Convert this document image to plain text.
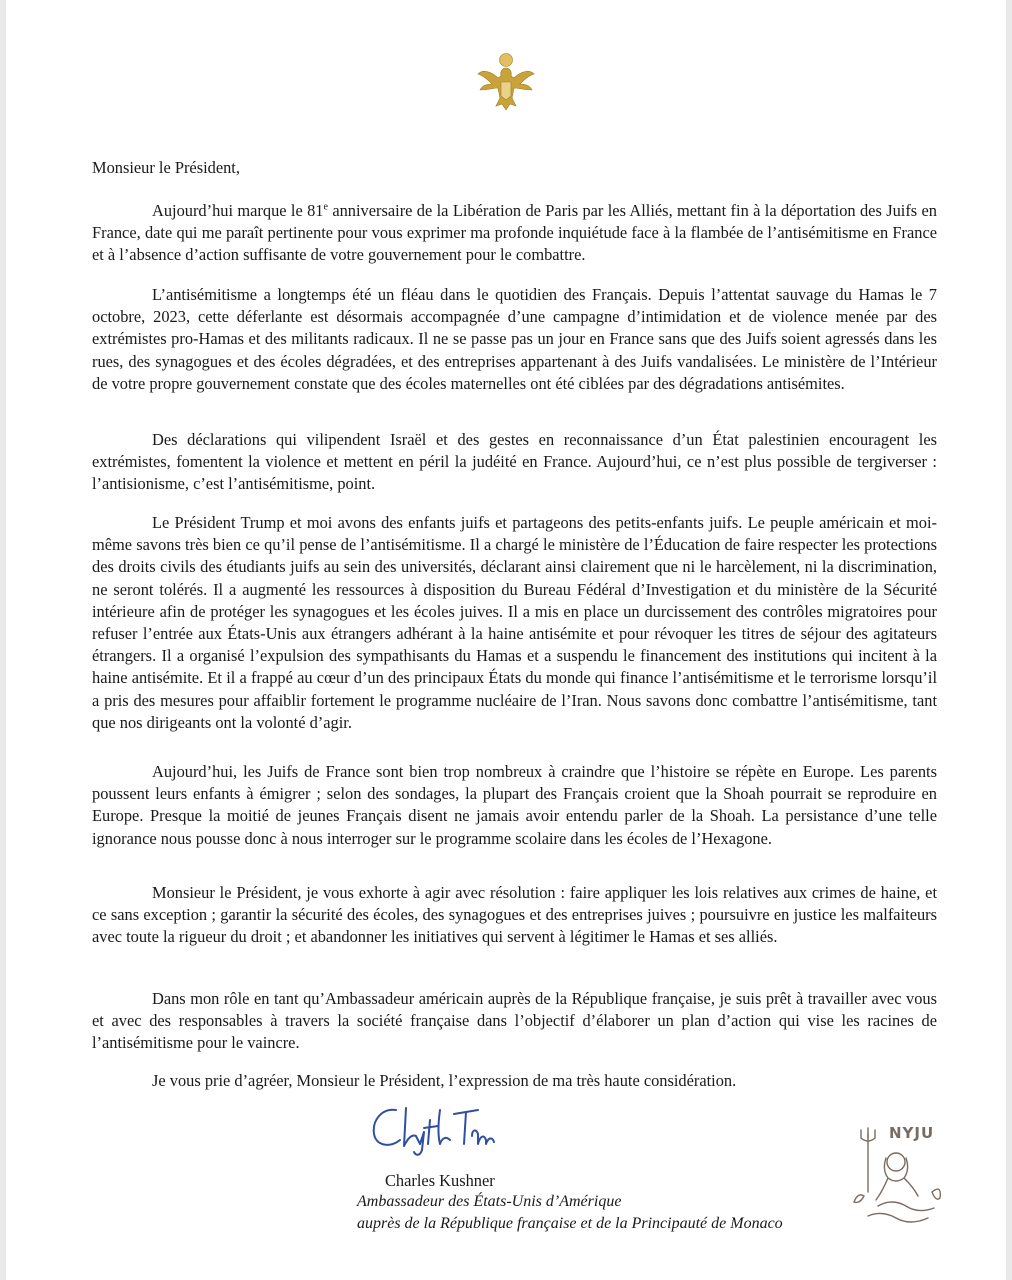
Monsieur le Président,

Aujourd’hui marque le 81e anniversaire de la Libération de Paris par les Alliés, mettant fin à la déportation des Juifs en France, date qui me paraît pertinente pour vous exprimer ma profonde inquiétude face à la flambée de l’antisémitisme en France et à l’absence d’action suffisante de votre gouvernement pour le combattre.

L’antisémitisme a longtemps été un fléau dans le quotidien des Français. Depuis l’attentat sauvage du Hamas le 7 octobre, 2023, cette déferlante est désormais accompagnée d’une campagne d’intimidation et de violence menée par des extrémistes pro-Hamas et des militants radicaux. Il ne se passe pas un jour en France sans que des Juifs soient agressés dans les rues, des synagogues et des écoles dégradées, et des entreprises appartenant à des Juifs vandalisées. Le ministère de l’Intérieur de votre propre gouvernement constate que des écoles maternelles ont été ciblées par des dégradations antisémites.

Des déclarations qui vilipendent Israël et des gestes en reconnaissance d’un État palestinien encouragent les extrémistes, fomentent la violence et mettent en péril la judéité en France. Aujourd’hui, ce n’est plus possible de tergiverser : l’antisionisme, c’est l’antisémitisme, point.

Le Président Trump et moi avons des enfants juifs et partageons des petits-enfants juifs. Le peuple américain et moi-même savons très bien ce qu’il pense de l’antisémitisme. Il a chargé le ministère de l’Éducation de faire respecter les protections des droits civils des étudiants juifs au sein des universités, déclarant ainsi clairement que ni le harcèlement, ni la discrimination, ne seront tolérés. Il a augmenté les ressources à disposition du Bureau Fédéral d’Investigation et du ministère de la Sécurité intérieure afin de protéger les synagogues et les écoles juives. Il a mis en place un durcissement des contrôles migratoires pour refuser l’entrée aux États-Unis aux étrangers adhérant à la haine antisémite et pour révoquer les titres de séjour des agitateurs étrangers. Il a organisé l’expulsion des sympathisants du Hamas et a suspendu le financement des institutions qui incitent à la haine antisémite. Et il a frappé au cœur d’un des principaux États du monde qui finance l’antisémitisme et le terrorisme lorsqu’il a pris des mesures pour affaiblir fortement le programme nucléaire de l’Iran. Nous savons donc combattre l’antisémitisme, tant que nos dirigeants ont la volonté d’agir.

Aujourd’hui, les Juifs de France sont bien trop nombreux à craindre que l’histoire se répète en Europe. Les parents poussent leurs enfants à émigrer ; selon des sondages, la plupart des Français croient que la Shoah pourrait se reproduire en Europe. Presque la moitié de jeunes Français disent ne jamais avoir entendu parler de la Shoah. La persistance d’une telle ignorance nous pousse donc à nous interroger sur le programme scolaire dans les écoles de l’Hexagone.

Monsieur le Président, je vous exhorte à agir avec résolution : faire appliquer les lois relatives aux crimes de haine, et ce sans exception ; garantir la sécurité des écoles, des synagogues et des entreprises juives ; poursuivre en justice les malfaiteurs avec toute la rigueur du droit ; et abandonner les initiatives qui servent à légitimer le Hamas et ses alliés.

Dans mon rôle en tant qu’Ambassadeur américain auprès de la République française, je suis prêt à travailler avec vous et avec des responsables à travers la société française dans l’objectif d’élaborer un plan d’action qui vise les racines de l’antisémitisme pour le vaincre.

Je vous prie d’agréer, Monsieur le Président, l’expression de ma très haute considération.

Charles Kushner
Ambassadeur des États-Unis d’Amérique
auprès de la République française et de la Principauté de Monaco
NYJU
